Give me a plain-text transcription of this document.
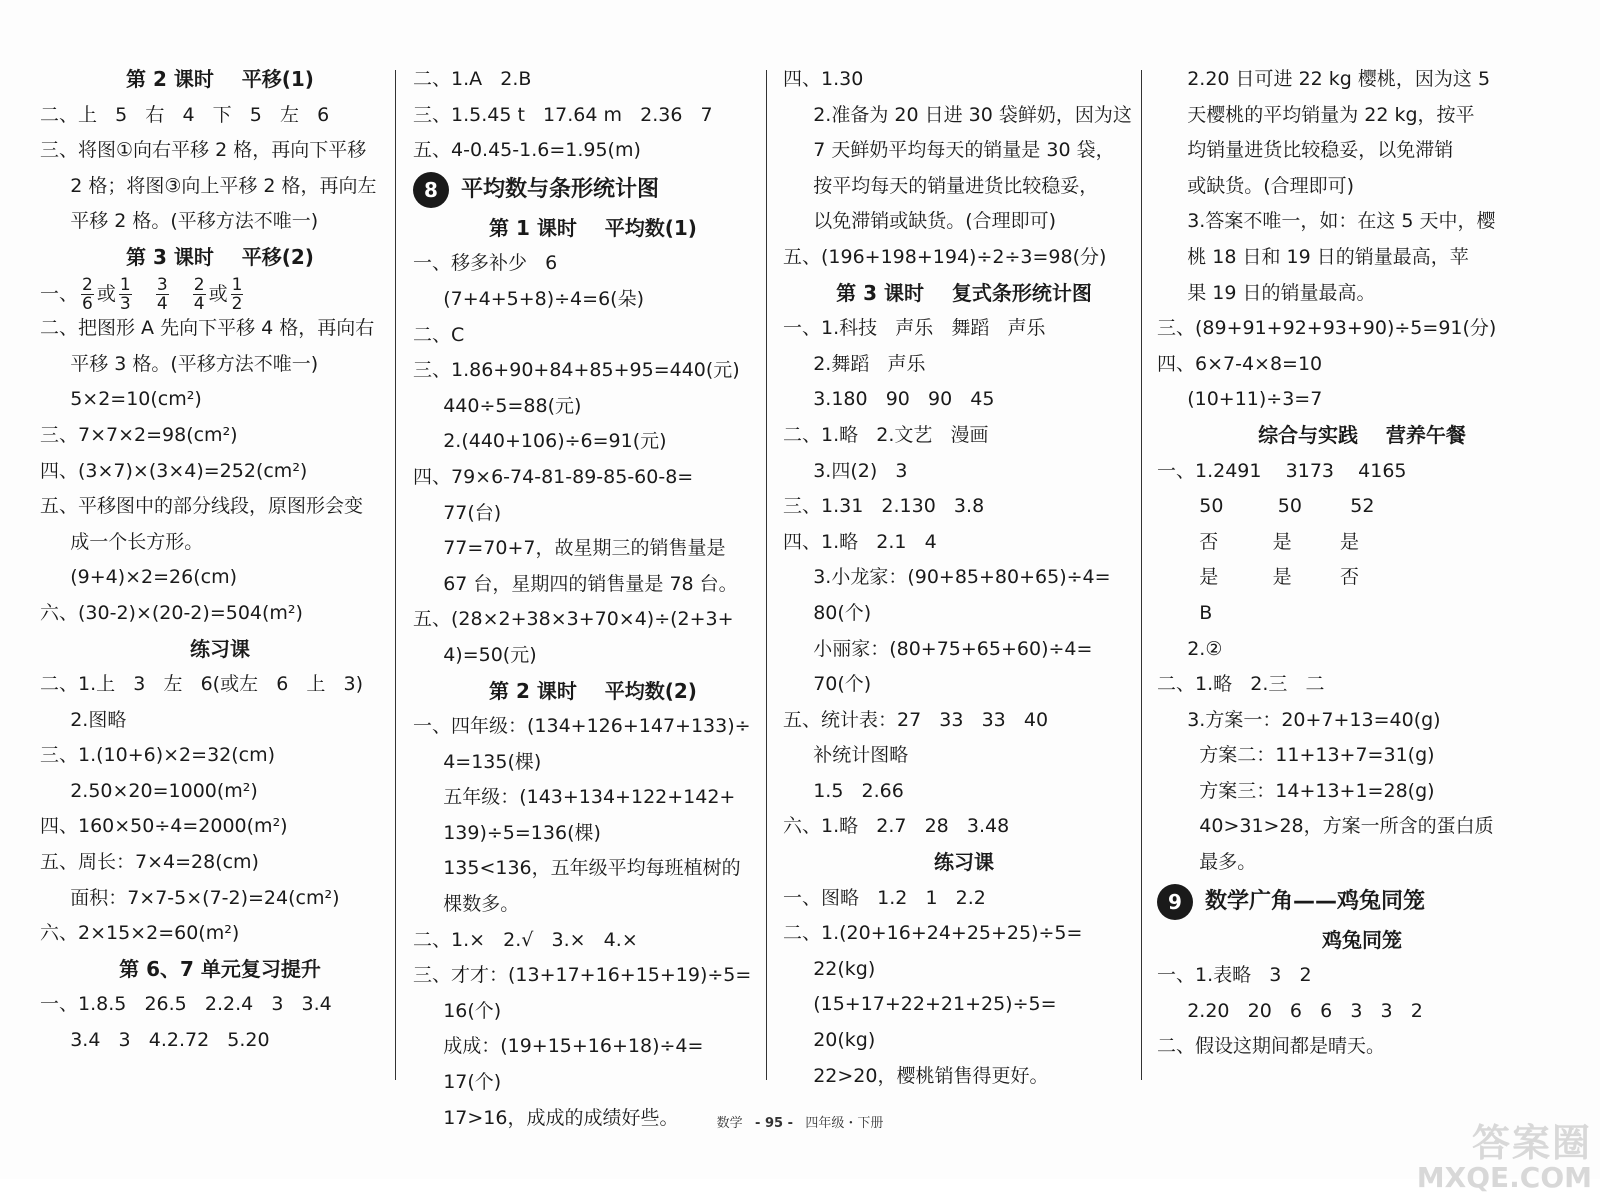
第 2 课时    平移(1)
二、上   5   右   4   下   5   左   6
三、将图①向右平移 2 格，再向下平移
2 格；将图③向上平移 2 格，再向左
平移 2 格。(平移方法不唯一)
第 3 课时    平移(2)
一、 $\frac{2}{6}$ 或 $\frac{1}{3}$
$\frac{3}{4}$
$\frac{2}{4}$ 或 $\frac{1}{2}$
二、把图形 A 先向下平移 4 格，再向右
平移 3 格。(平移方法不唯一)
5×2=10(cm²)
三、7×7×2=98(cm²)
四、(3×7)×(3×4)=252(cm²)
五、平移图中的部分线段，原图形会变
成一个长方形。
(9+4)×2=26(cm)
六、(30-2)×(20-2)=504(m²)
练习课
二、1.上   3   左   6(或左   6   上   3)
2.图略
三、1.(10+6)×2=32(cm)
2.50×20=1000(m²)
四、160×50÷4=2000(m²)
五、周长：7×4=28(cm)
面积：7×7-5×(7-2)=24(cm²)
六、2×15×2=60(m²)
第 6、7 单元复习提升
一、1.8.5   26.5   2.2.4   3   3.4
3.4   3   4.2.72   5.20
二、1.A   2.B
三、1.5.45 t   17.64 m   2.36   7
五、4-0.45-1.6=1.95(m)
8	平均数与条形统计图
第 1 课时    平均数(1)
一、移多补少   6
(7+4+5+8)÷4=6(朵)
二、C
三、1.86+90+84+85+95=440(元)
440÷5=88(元)
2.(440+106)÷6=91(元)
四、79×6-74-81-89-85-60-8=
77(台)
77=70+7，故星期三的销售量是
67 台，星期四的销售量是 78 台。
五、(28×2+38×3+70×4)÷(2+3+
4)=50(元)
第 2 课时    平均数(2)
一、四年级：(134+126+147+133)÷
4=135(棵)
五年级：(143+134+122+142+
139)÷5=136(棵)
135<136，五年级平均每班植树的
棵数多。
二、1.×   2.√   3.×   4.×
三、才才：(13+17+16+15+19)÷5=
16(个)
成成：(19+15+16+18)÷4=
17(个)
17>16，成成的成绩好些。
四、1.30
2.准备为 20 日进 30 袋鲜奶，因为这
7 天鲜奶平均每天的销量是 30 袋，
按平均每天的销量进货比较稳妥，
以免滞销或缺货。(合理即可)
五、(196+198+194)÷2÷3=98(分)
第 3 课时    复式条形统计图
一、1.科技   声乐   舞蹈   声乐
2.舞蹈   声乐
3.180   90   90   45
二、1.略   2.文艺   漫画
3.四(2)   3
三、1.31   2.130   3.8
四、1.略   2.1   4
3.小龙家：(90+85+80+65)÷4=
80(个)
小丽家：(80+75+65+60)÷4=
70(个)
五、统计表：27   33   33   40
补统计图略
1.5   2.66
六、1.略   2.7   28   3.48
练习课
一、图略   1.2   1   2.2
二、1.(20+16+24+25+25)÷5=
22(kg)
(15+17+22+21+25)÷5=
20(kg)
22>20，樱桃销售得更好。
2.20 日可进 22 kg 樱桃，因为这 5
天樱桃的平均销量为 22 kg，按平
均销量进货比较稳妥，以免滞销
或缺货。(合理即可)
3.答案不唯一，如：在这 5 天中，樱
桃 18 日和 19 日的销量最高，苹
果 19 日的销量最高。
三、(89+91+92+93+90)÷5=91(分)
四、6×7-4×8=10
(10+11)÷3=7
综合与实践    营养午餐
一、1.2491    3173    4165
50         50        52
否         是        是
是         是        否
B
2.②
二、1.略   2.三   二
3.方案一：20+7+13=40(g)
方案二：11+13+7=31(g)
方案三：14+13+1=28(g)
40>31>28，方案一所含的蛋白质
最多。
9	数学广角——鸡兔同笼
鸡兔同笼
一、1.表略   3   2
2.20   20   6   6   3   3   2
二、假设这期间都是晴天。
数学 - 95 - 四年级・下册	答案圈
MXQE.COM
